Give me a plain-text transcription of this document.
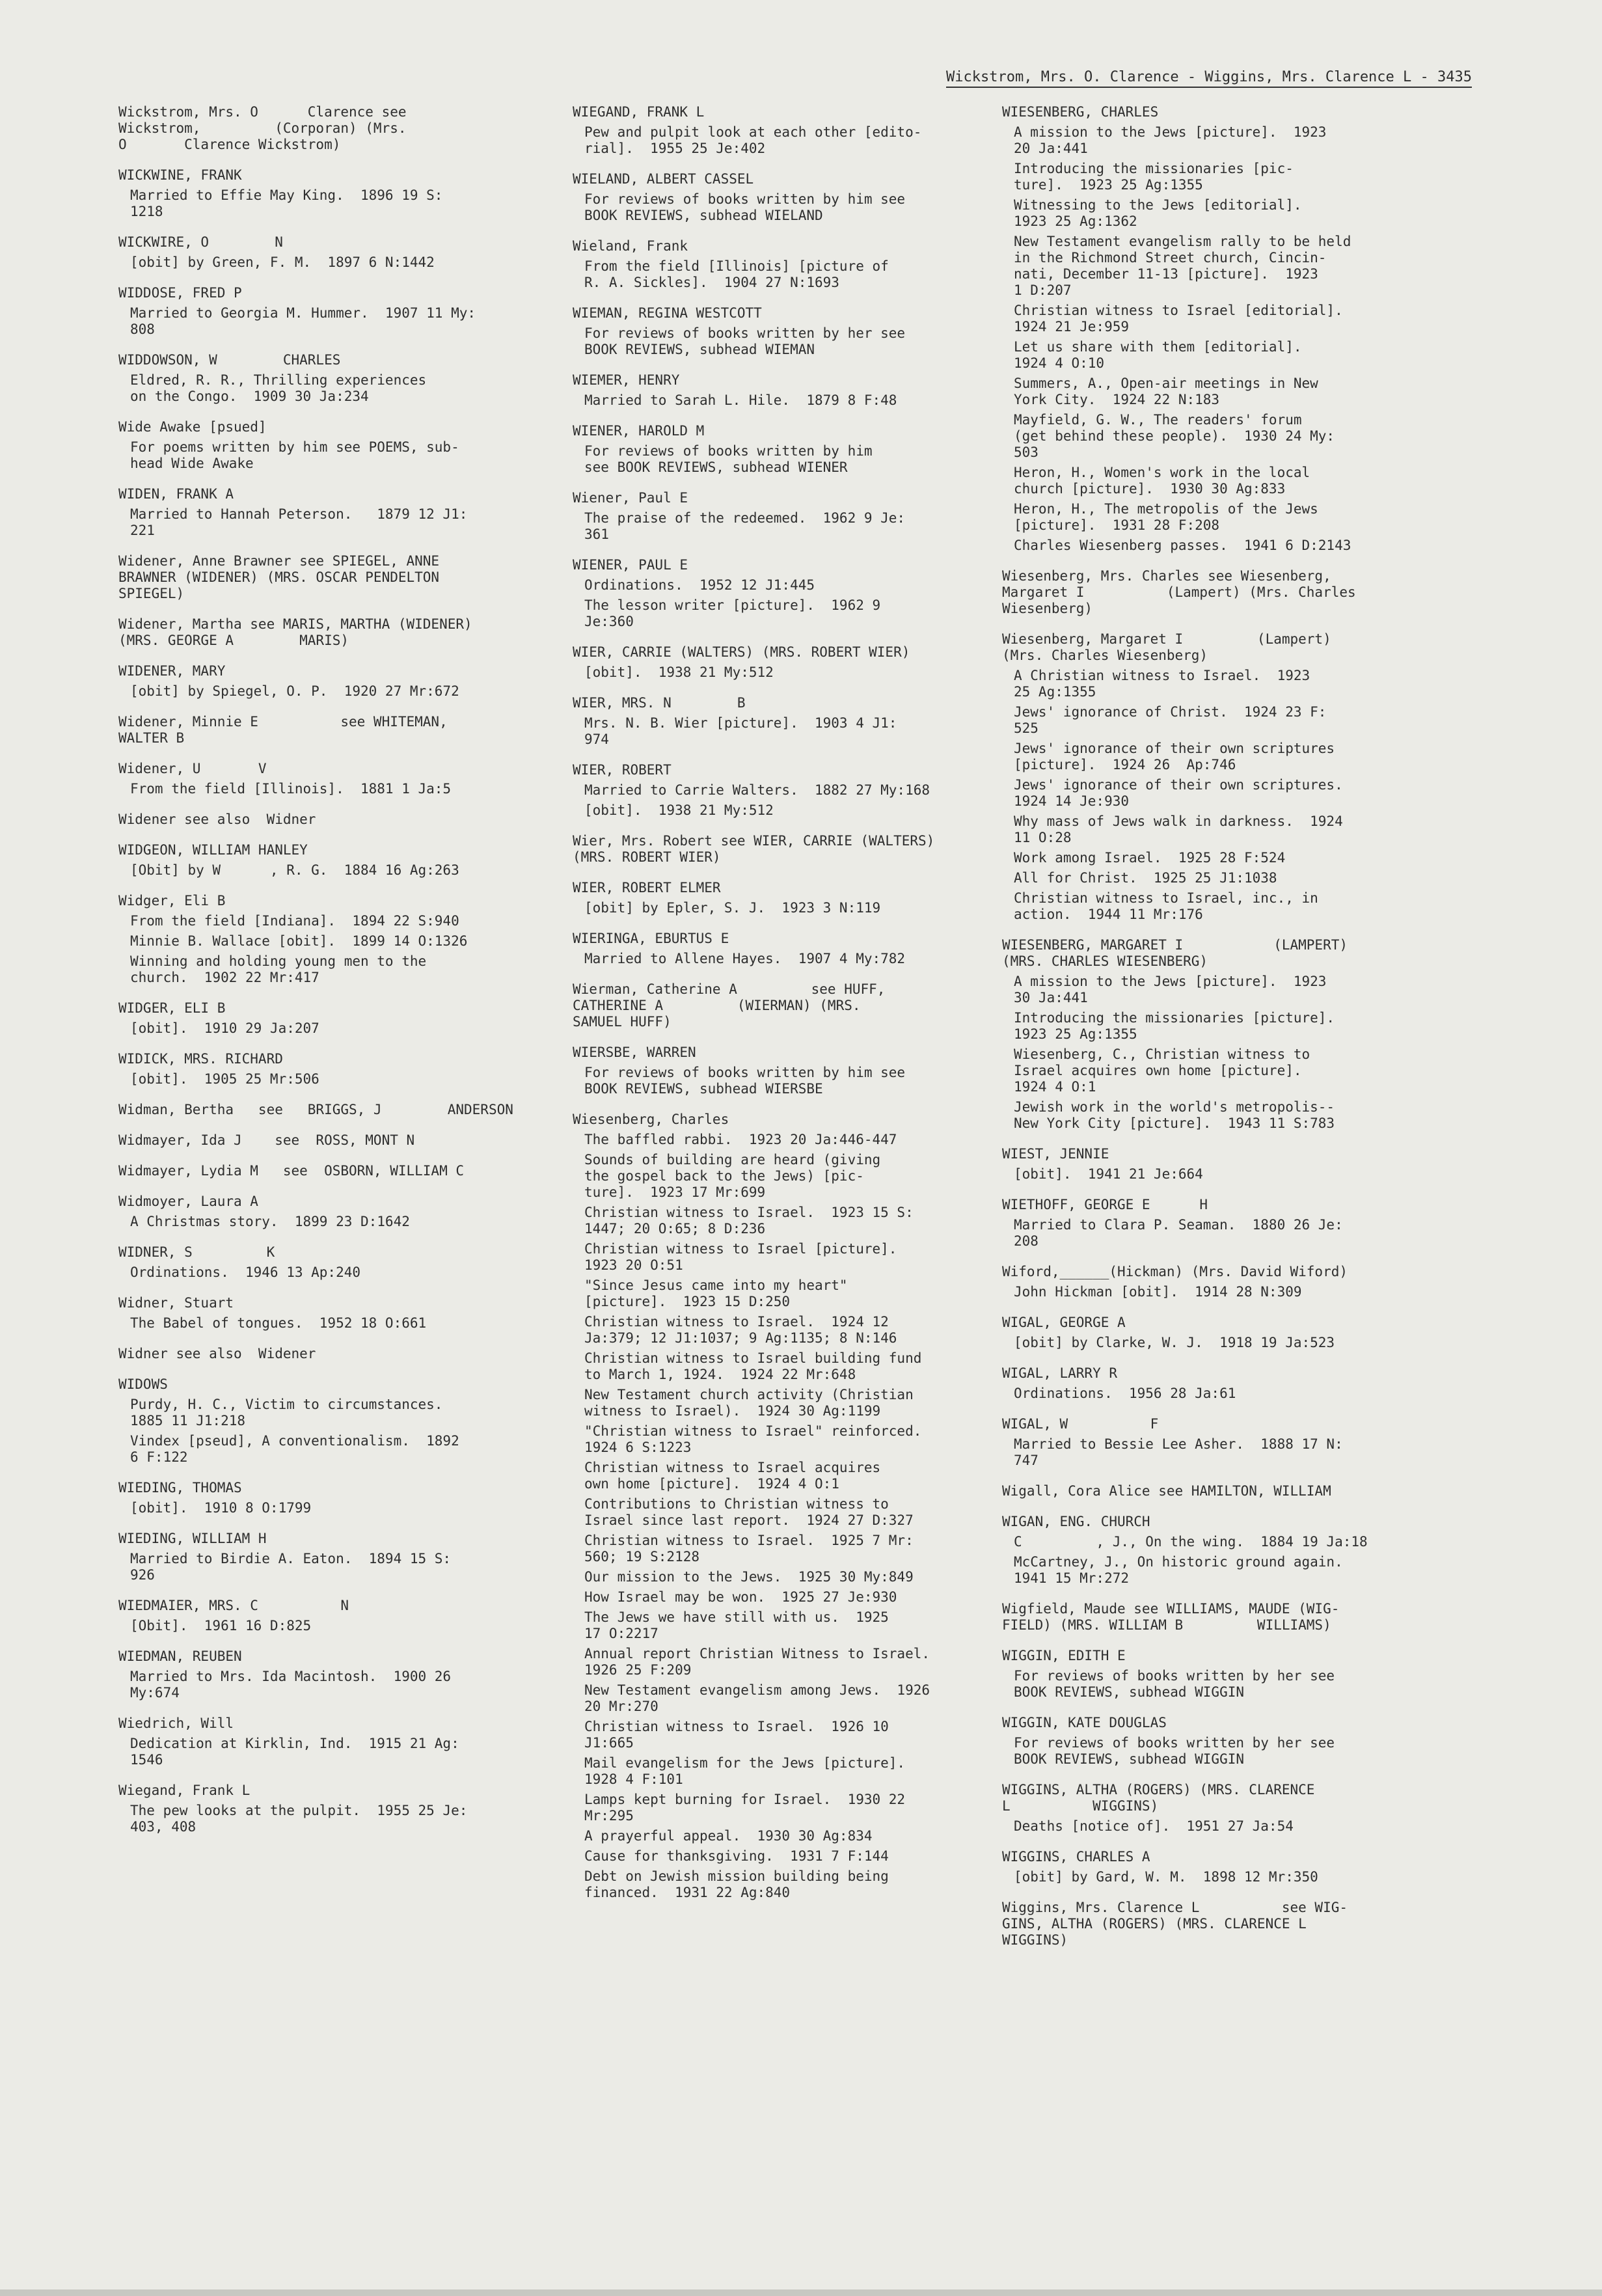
Wickstrom, Mrs. O. Clarence - Wiggins, Mrs. Clarence L - 3435
Wickstrom, Mrs. O      Clarence see
Wickstrom,         (Corporan) (Mrs.
O       Clarence Wickstrom)
WICKWINE, FRANK
Married to Effie May King.  1896 19 S:
1218
WICKWIRE, O        N
[obit] by Green, F. M.  1897 6 N:1442
WIDDOSE, FRED P
Married to Georgia M. Hummer.  1907 11 My:
808
WIDDOWSON, W        CHARLES
Eldred, R. R., Thrilling experiences
on the Congo.  1909 30 Ja:234
Wide Awake [psued]
For poems written by him see POEMS, sub-
head Wide Awake
WIDEN, FRANK A
Married to Hannah Peterson.   1879 12 J1:
221
Widener, Anne Brawner see SPIEGEL, ANNE
BRAWNER (WIDENER) (MRS. OSCAR PENDELTON
SPIEGEL)
Widener, Martha see MARIS, MARTHA (WIDENER)
(MRS. GEORGE A        MARIS)
WIDENER, MARY
[obit] by Spiegel, O. P.  1920 27 Mr:672
Widener, Minnie E          see WHITEMAN,
WALTER B
Widener, U       V
From the field [Illinois].  1881 1 Ja:5
Widener see also  Widner
WIDGEON, WILLIAM HANLEY
[Obit] by W      , R. G.  1884 16 Ag:263
Widger, Eli B
From the field [Indiana].  1894 22 S:940
Minnie B. Wallace [obit].  1899 14 O:1326
Winning and holding young men to the
church.  1902 22 Mr:417
WIDGER, ELI B
[obit].  1910 29 Ja:207
WIDICK, MRS. RICHARD
[obit].  1905 25 Mr:506
Widman, Bertha   see   BRIGGS, J        ANDERSON
Widmayer, Ida J    see  ROSS, MONT N
Widmayer, Lydia M   see  OSBORN, WILLIAM C
Widmoyer, Laura A
A Christmas story.  1899 23 D:1642
WIDNER, S         K
Ordinations.  1946 13 Ap:240
Widner, Stuart
The Babel of tongues.  1952 18 O:661
Widner see also  Widener
WIDOWS
Purdy, H. C., Victim to circumstances.
1885 11 J1:218
Vindex [pseud], A conventionalism.  1892
6 F:122
WIEDING, THOMAS
[obit].  1910 8 O:1799
WIEDING, WILLIAM H
Married to Birdie A. Eaton.  1894 15 S:
926
WIEDMAIER, MRS. C          N
[Obit].  1961 16 D:825
WIEDMAN, REUBEN
Married to Mrs. Ida Macintosh.  1900 26
My:674
Wiedrich, Will
Dedication at Kirklin, Ind.  1915 21 Ag:
1546
Wiegand, Frank L
The pew looks at the pulpit.  1955 25 Je:
403, 408
WIEGAND, FRANK L
Pew and pulpit look at each other [edito-
rial].  1955 25 Je:402
WIELAND, ALBERT CASSEL
For reviews of books written by him see
BOOK REVIEWS, subhead WIELAND
Wieland, Frank
From the field [Illinois] [picture of
R. A. Sickles].  1904 27 N:1693
WIEMAN, REGINA WESTCOTT
For reviews of books written by her see
BOOK REVIEWS, subhead WIEMAN
WIEMER, HENRY
Married to Sarah L. Hile.  1879 8 F:48
WIENER, HAROLD M
For reviews of books written by him
see BOOK REVIEWS, subhead WIENER
Wiener, Paul E
The praise of the redeemed.  1962 9 Je:
361
WIENER, PAUL E
Ordinations.  1952 12 J1:445
The lesson writer [picture].  1962 9
Je:360
WIER, CARRIE (WALTERS) (MRS. ROBERT WIER)
[obit].  1938 21 My:512
WIER, MRS. N        B
Mrs. N. B. Wier [picture].  1903 4 J1:
974
WIER, ROBERT
Married to Carrie Walters.  1882 27 My:168
[obit].  1938 21 My:512
Wier, Mrs. Robert see WIER, CARRIE (WALTERS)
(MRS. ROBERT WIER)
WIER, ROBERT ELMER
[obit] by Epler, S. J.  1923 3 N:119
WIERINGA, EBURTUS E
Married to Allene Hayes.  1907 4 My:782
Wierman, Catherine A         see HUFF,
CATHERINE A         (WIERMAN) (MRS.
SAMUEL HUFF)
WIERSBE, WARREN
For reviews of books written by him see
BOOK REVIEWS, subhead WIERSBE
Wiesenberg, Charles
The baffled rabbi.  1923 20 Ja:446-447
Sounds of building are heard (giving
the gospel back to the Jews) [pic-
ture].  1923 17 Mr:699
Christian witness to Israel.  1923 15 S:
1447; 20 O:65; 8 D:236
Christian witness to Israel [picture].
1923 20 O:51
"Since Jesus came into my heart"
[picture].  1923 15 D:250
Christian witness to Israel.  1924 12
Ja:379; 12 J1:1037; 9 Ag:1135; 8 N:146
Christian witness to Israel building fund
to March 1, 1924.  1924 22 Mr:648
New Testament church activity (Christian
witness to Israel).  1924 30 Ag:1199
"Christian witness to Israel" reinforced.
1924 6 S:1223
Christian witness to Israel acquires
own home [picture].  1924 4 O:1
Contributions to Christian witness to
Israel since last report.  1924 27 D:327
Christian witness to Israel.  1925 7 Mr:
560; 19 S:2128
Our mission to the Jews.  1925 30 My:849
How Israel may be won.  1925 27 Je:930
The Jews we have still with us.  1925
17 O:2217
Annual report Christian Witness to Israel.
1926 25 F:209
New Testament evangelism among Jews.  1926
20 Mr:270
Christian witness to Israel.  1926 10
J1:665
Mail evangelism for the Jews [picture].
1928 4 F:101
Lamps kept burning for Israel.  1930 22
Mr:295
A prayerful appeal.  1930 30 Ag:834
Cause for thanksgiving.  1931 7 F:144
Debt on Jewish mission building being
financed.  1931 22 Ag:840
WIESENBERG, CHARLES
A mission to the Jews [picture].  1923
20 Ja:441
Introducing the missionaries [pic-
ture].  1923 25 Ag:1355
Witnessing to the Jews [editorial].
1923 25 Ag:1362
New Testament evangelism rally to be held
in the Richmond Street church, Cincin-
nati, December 11-13 [picture].  1923
1 D:207
Christian witness to Israel [editorial].
1924 21 Je:959
Let us share with them [editorial].
1924 4 O:10
Summers, A., Open-air meetings in New
York City.  1924 22 N:183
Mayfield, G. W., The readers' forum
(get behind these people).  1930 24 My:
503
Heron, H., Women's work in the local
church [picture].  1930 30 Ag:833
Heron, H., The metropolis of the Jews
[picture].  1931 28 F:208
Charles Wiesenberg passes.  1941 6 D:2143
Wiesenberg, Mrs. Charles see Wiesenberg,
Margaret I          (Lampert) (Mrs. Charles
Wiesenberg)
Wiesenberg, Margaret I         (Lampert)
(Mrs. Charles Wiesenberg)
A Christian witness to Israel.  1923
25 Ag:1355
Jews' ignorance of Christ.  1924 23 F:
525
Jews' ignorance of their own scriptures
[picture].  1924 26  Ap:746
Jews' ignorance of their own scriptures.
1924 14 Je:930
Why mass of Jews walk in darkness.  1924
11 O:28
Work among Israel.  1925 28 F:524
All for Christ.  1925 25 J1:1038
Christian witness to Israel, inc., in
action.  1944 11 Mr:176
WIESENBERG, MARGARET I           (LAMPERT)
(MRS. CHARLES WIESENBERG)
A mission to the Jews [picture].  1923
30 Ja:441
Introducing the missionaries [picture].
1923 25 Ag:1355
Wiesenberg, C., Christian witness to
Israel acquires own home [picture].
1924 4 O:1
Jewish work in the world's metropolis--
New York City [picture].  1943 11 S:783
WIEST, JENNIE
[obit].  1941 21 Je:664
WIETHOFF, GEORGE E      H
Married to Clara P. Seaman.  1880 26 Je:
208
Wiford,______(Hickman) (Mrs. David Wiford)
John Hickman [obit].  1914 28 N:309
WIGAL, GEORGE A
[obit] by Clarke, W. J.  1918 19 Ja:523
WIGAL, LARRY R
Ordinations.  1956 28 Ja:61
WIGAL, W          F
Married to Bessie Lee Asher.  1888 17 N:
747
Wigall, Cora Alice see HAMILTON, WILLIAM
WIGAN, ENG. CHURCH
C         , J., On the wing.  1884 19 Ja:18
McCartney, J., On historic ground again.
1941 15 Mr:272
Wigfield, Maude see WILLIAMS, MAUDE (WIG-
FIELD) (MRS. WILLIAM B         WILLIAMS)
WIGGIN, EDITH E
For reviews of books written by her see
BOOK REVIEWS, subhead WIGGIN
WIGGIN, KATE DOUGLAS
For reviews of books written by her see
BOOK REVIEWS, subhead WIGGIN
WIGGINS, ALTHA (ROGERS) (MRS. CLARENCE
L          WIGGINS)
Deaths [notice of].  1951 27 Ja:54
WIGGINS, CHARLES A
[obit] by Gard, W. M.  1898 12 Mr:350
Wiggins, Mrs. Clarence L          see WIG-
GINS, ALTHA (ROGERS) (MRS. CLARENCE L
WIGGINS)
